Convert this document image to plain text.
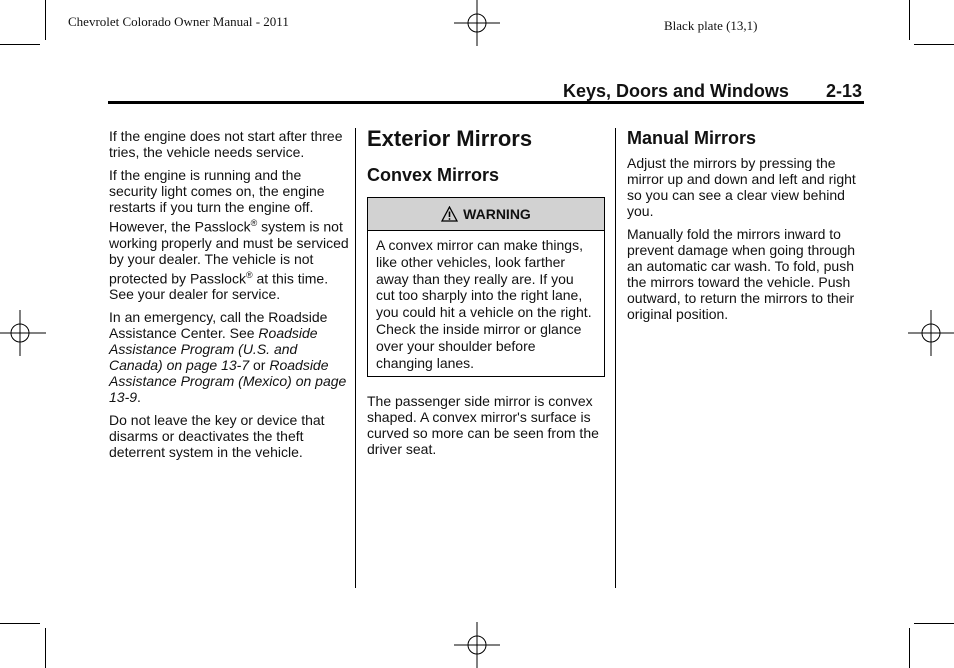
Chevrolet Colorado Owner Manual - 2011	Black plate (13,1)
Keys, Doors and Windows 2-13

If the engine does not start after three tries, the vehicle needs service.

If the engine is running and the security light comes on, the engine restarts if you turn the engine off. However, the Passlock® system is not working properly and must be serviced by your dealer. The vehicle is not protected by Passlock® at this time. See your dealer for service.

In an emergency, call the Roadside Assistance Center. See Roadside Assistance Program (U.S. and Canada) on page 13-7 or Roadside Assistance Program (Mexico) on page 13-9.

Do not leave the key or device that disarms or deactivates the theft deterrent system in the vehicle.

Exterior Mirrors
Convex Mirrors
WARNING
A convex mirror can make things, like other vehicles, look farther away than they really are. If you cut too sharply into the right lane, you could hit a vehicle on the right. Check the inside mirror or glance over your shoulder before changing lanes.

The passenger side mirror is convex shaped. A convex mirror's surface is curved so more can be seen from the driver seat.

Manual Mirrors

Adjust the mirrors by pressing the mirror up and down and left and right so you can see a clear view behind you.

Manually fold the mirrors inward to prevent damage when going through an automatic car wash. To fold, push the mirrors toward the vehicle. Push outward, to return the mirrors to their original position.
